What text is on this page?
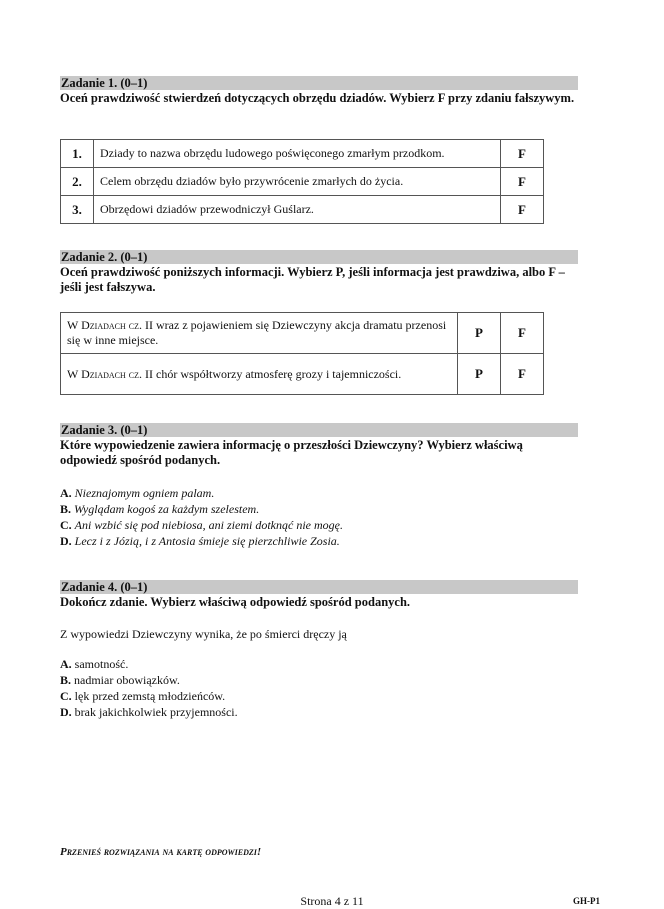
Zadanie 1. (0–1)
Oceń prawdziwość stwierdzeń dotyczących obrzędu dziadów. Wybierz F przy zdaniu fałszywym.
1.	Dziady to nazwa obrzędu ludowego poświęconego zmarłym przodkom.	F
2.	Celem obrzędu dziadów było przywrócenie zmarłych do życia.	F
3.	Obrzędowi dziadów przewodniczył Guślarz.	F
Zadanie 2. (0–1)
Oceń prawdziwość poniższych informacji. Wybierz P, jeśli informacja jest prawdziwa, albo F – jeśli jest fałszywa.
W Dziadach cz. II wraz z pojawieniem się Dziewczyny akcja dramatu przenosi się w inne miejsce.	P	F
W Dziadach cz. II chór współtworzy atmosferę grozy i tajemniczości.	P	F
Zadanie 3. (0–1)
Które wypowiedzenie zawiera informację o przeszłości Dziewczyny? Wybierz właściwą odpowiedź spośród podanych.
A. Nieznajomym ogniem palam.
B. Wyglądam kogoś za każdym szelestem.
C. Ani wzbić się pod niebiosa, ani ziemi dotknąć nie mogę.
D. Lecz i z Józią, i z Antosia śmieje się pierzchliwie Zosia.
Zadanie 4. (0–1)
Dokończ zdanie. Wybierz właściwą odpowiedź spośród podanych.
Z wypowiedzi Dziewczyny wynika, że po śmierci dręczy ją
A. samotność.
B. nadmiar obowiązków.
C. lęk przed zemstą młodzieńców.
D. brak jakichkolwiek przyjemności.
Przenieś rozwiązania na kartę odpowiedzi!
Strona 4 z 11	GH-P1
